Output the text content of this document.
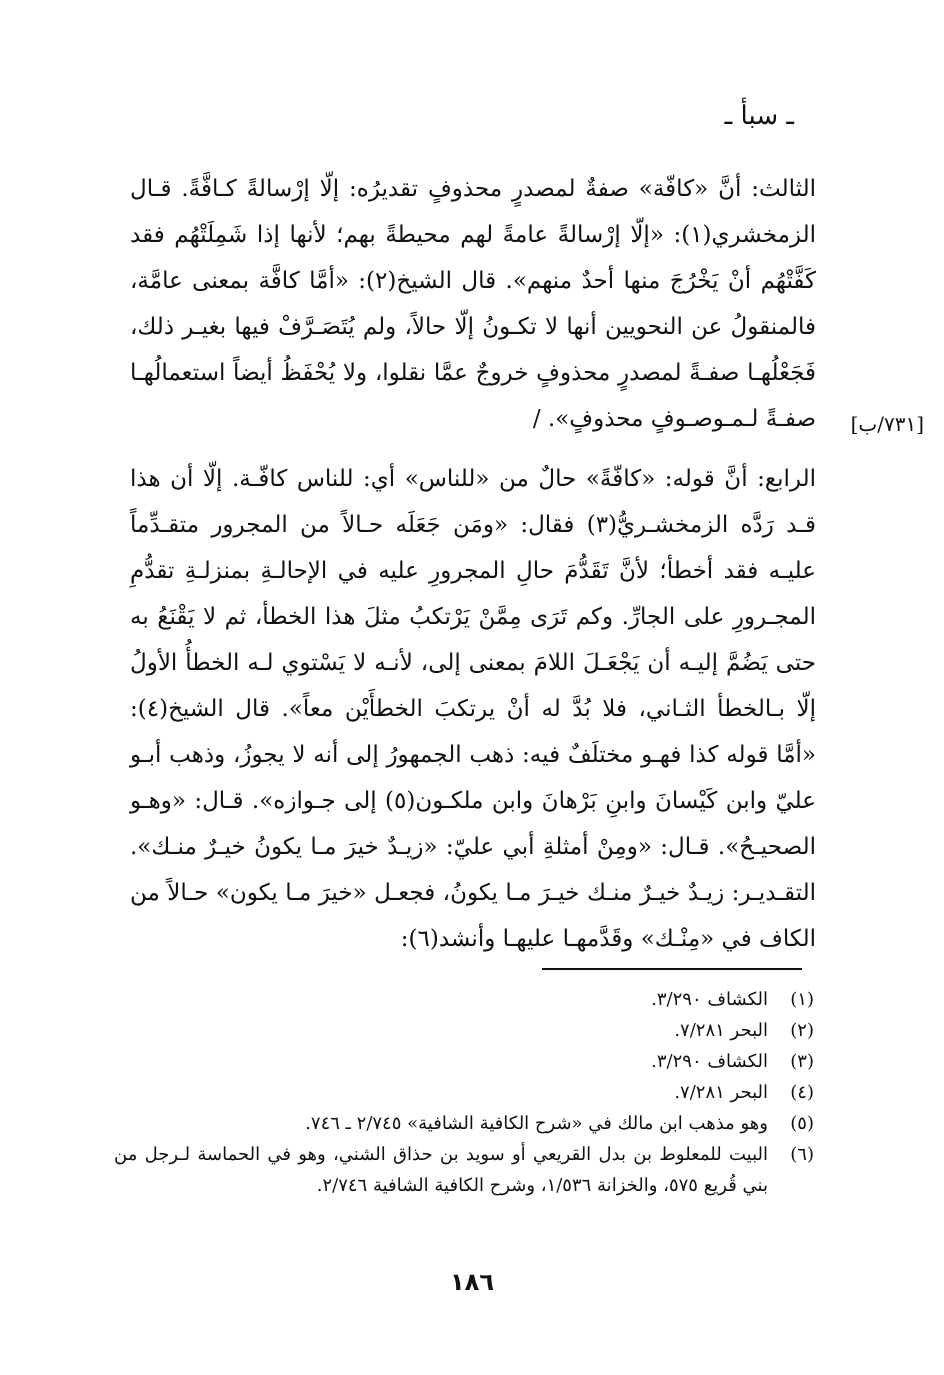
ـ سبأ ـ

الثالث: أنَّ «كافّة» صفةٌ لمصدرٍ محذوفٍ تقديرُه: إلّا إرْسالةً كـافَّةً. قـال الزمخشري(١): «إلّا إرْسالةً عامةً لهم محيطةً بهم؛ لأنها إذا شَمِلَتْهُم فقد كَفَّتْهُم أنْ يَخْرُجَ منها أحدٌ منهم». قال الشيخ(٢): «أمَّا كافَّة بمعنى عامَّة، فالمنقولُ عن النحويين أنها لا تكـونُ إلّا حالاً، ولم يُتَصَـرَّفْ فيها بغيـر ذلك، فَجَعْلُهـا صفـةً لمصدرٍ محذوفٍ خروجٌ عمَّا نقلوا، ولا يُحْفَظُ أيضاً استعمالُهـا صفـةً لـمـوصـوفٍ محذوفٍ». /

الرابع: أنَّ قوله: «كافّةً» حالٌ من «للناس» أي: للناس كافّـة. إلّا أن هذا قـد رَدَّه الزمخشـريُّ(٣) فقال: «ومَن جَعَلَه حـالاً من المجرور متقـدِّماً عليـه فقد أخطأ؛ لأنَّ تَقَدُّمَ حالِ المجرورِ عليه في الإحالـةِ بمنزلـةِ تقدُّمِ المجـرورِ على الجارِّ. وكم تَرَى مِمَّنْ يَرْتكبُ مثلَ هذا الخطأ، ثم لا يَقْنَعُ به حتى يَضُمَّ إليـه أن يَجْعَـلَ اللامَ بمعنى إلى، لأنـه لا يَسْتوي لـه الخطأُ الأولُ إلّا بـالخطأ الثـاني، فلا بُدَّ له أنْ يرتكبَ الخطأَيْن معاً». قال الشيخ(٤): «أمَّا قوله كذا فهـو مختلَفٌ فيه: ذهب الجمهورُ إلى أنه لا يجوزُ، وذهب أبـو عليّ وابن كَيْسانَ وابنِ بَرْهانَ وابن ملكـون(٥) إلى جـوازه». قـال: «وهـو الصحيـحُ». قـال: «ومِنْ أمثلةِ أبي عليّ: «زيـدٌ خيرَ مـا يكونُ خيـرٌ منـك». التقـديـر: زيـدٌ خيـرٌ منـك خيـرَ مـا يكونُ، فجعـل «خيرَ مـا يكون» حـالاً من الكاف في «مِنْـك» وقَدَّمهـا عليهـا وأنشد(٦):

[٧٣١/ب]
(١)
الكشاف ٣/٢٩٠.
(٢)
البحر ٧/٢٨١.
(٣)
الكشاف ٣/٢٩٠.
(٤)
البحر ٧/٢٨١.
(٥)
وهو مذهب ابن مالك في «شرح الكافية الشافية» ٢/٧٤٥ ـ ٧٤٦.
(٦)
البيت للمعلوط بن بدل القريعي أو سويد بن حذاق الشني، وهو في الحماسة لـرجل من بني قُريع ٥٧٥، والخزانة ١/٥٣٦، وشرح الكافية الشافية ٢/٧٤٦.
١٨٦
